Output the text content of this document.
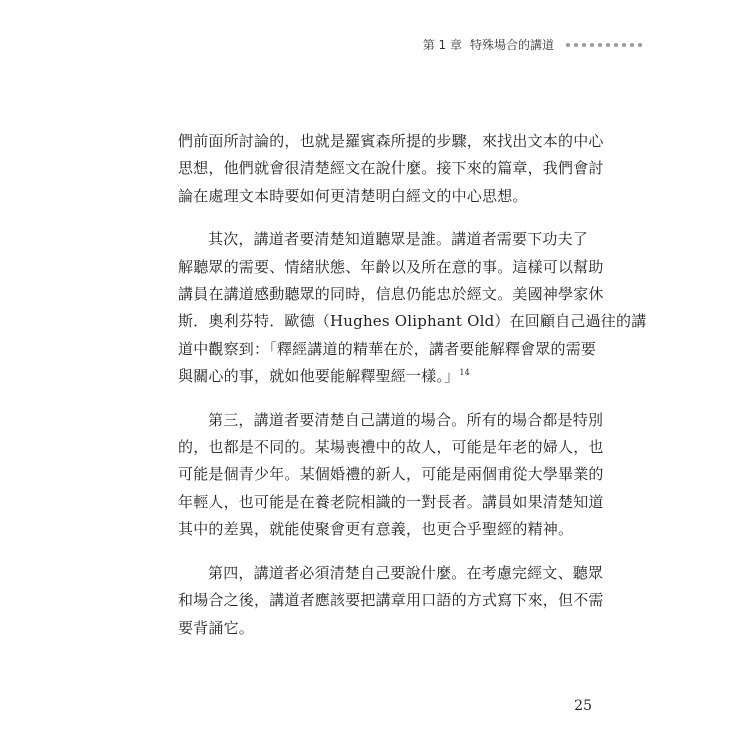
第 1 章 特殊場合的講道

們前面所討論的，也就是羅賓森所提的步驟，來找出文本的中心
思想，他們就會很清楚經文在說什麼。接下來的篇章，我們會討
論在處理文本時要如何更清楚明白經文的中心思想。

其次，講道者要清楚知道聽眾是誰。講道者需要下功夫了
解聽眾的需要、情緒狀態、年齡以及所在意的事。這樣可以幫助
講員在講道感動聽眾的同時，信息仍能忠於經文。美國神學家休
斯．奧利芬特．歐德（Hughes Oliphant Old）在回顧自己過往的講
道中觀察到：「釋經講道的精華在於，講者要能解釋會眾的需要
與關心的事，就如他要能解釋聖經一樣。」$^{14}$

第三，講道者要清楚自己講道的場合。所有的場合都是特別
的，也都是不同的。某場喪禮中的故人，可能是年老的婦人，也
可能是個青少年。某個婚禮的新人，可能是兩個甫從大學畢業的
年輕人，也可能是在養老院相識的一對長者。講員如果清楚知道
其中的差異，就能使聚會更有意義，也更合乎聖經的精神。

第四，講道者必須清楚自己要說什麼。在考慮完經文、聽眾
和場合之後，講道者應該要把講章用口語的方式寫下來，但不需
要背誦它。

25
